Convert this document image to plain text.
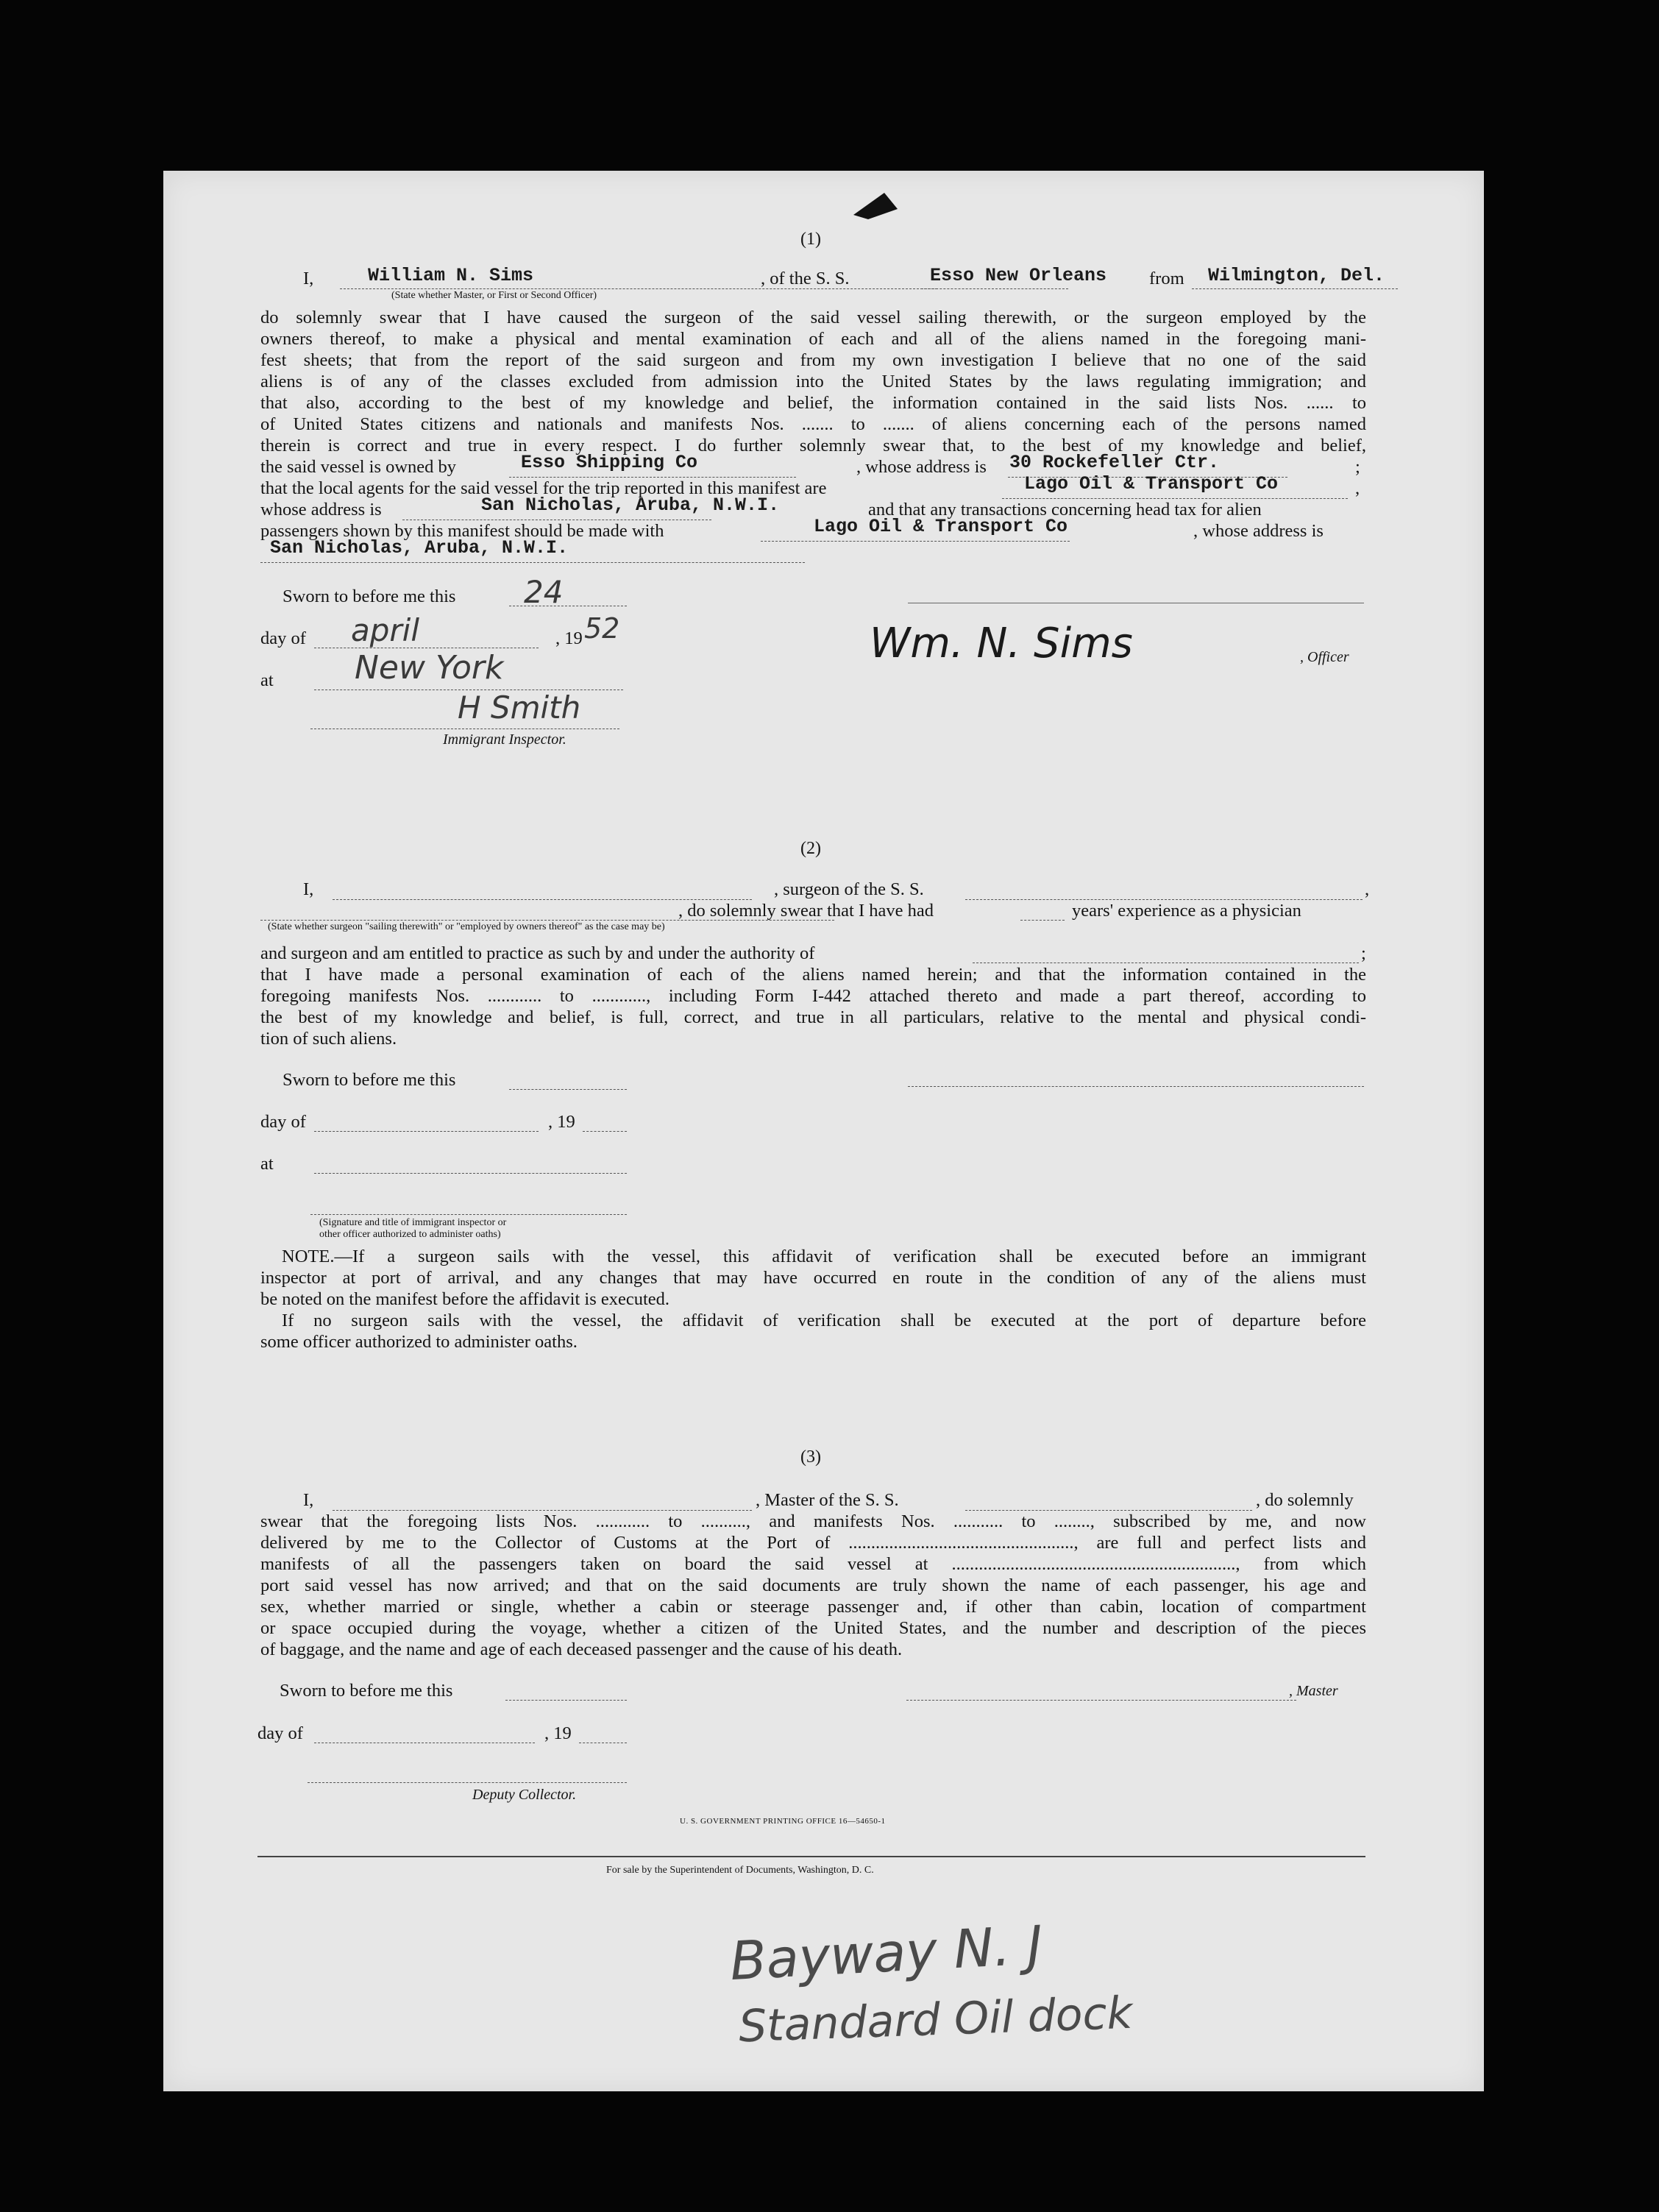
(1)
I,	William N. Sims	, of the S. S.	Esso New Orleans from Wilmington, Del.
(State whether Master, or First or Second Officer)
do solemnly swear that I have caused the surgeon of the said vessel sailing therewith, or the surgeon employed by the
owners thereof, to make a physical and mental examination of each and all of the aliens named in the foregoing mani-
fest sheets; that from the report of the said surgeon and from my own investigation I believe that no one of the said
aliens is of any of the classes excluded from admission into the United States by the laws regulating immigration; and
that also, according to the best of my knowledge and belief, the information contained in the said lists Nos. ...... to
of United States citizens and nationals and manifests Nos. ....... to ....... of aliens concerning each of the persons named
therein is correct and true in every respect. I do further solemnly swear that, to the best of my knowledge and belief,
the said vessel is owned by	Esso Shipping Co	, whose address is 30 Rockefeller Ctr.	;
that the local agents for the said vessel for the trip reported in this manifest are	Lago Oil & Transport Co	,
whose address is	San Nicholas, Aruba, N.W.I.	and that any transactions concerning head tax for alien
passengers shown by this manifest should be made with	Lago Oil & Transport Co	, whose address is
San Nicholas, Aruba, N.W.I.
Sworn to before me this 24
day of april	, 19 52
at	New York
H Smith
Immigrant Inspector.
Wm. N. Sims	, Officer
(2)
I,	, surgeon of the S. S.	,
, do solemnly swear that I have had	years' experience as a physician
(State whether surgeon "sailing therewith" or "employed by owners thereof" as the case may be)
and surgeon and am entitled to practice as such by and under the authority of	;
that I have made a personal examination of each of the aliens named herein; and that the information contained in the
foregoing manifests Nos. ............ to ............, including Form I-442 attached thereto and made a part thereof, according to
the best of my knowledge and belief, is full, correct, and true in all particulars, relative to the mental and physical condi-
tion of such aliens.
Sworn to before me this
day of	, 19
at
(Signature and title of immigrant inspector or
other officer authorized to administer oaths)
NOTE.—If a surgeon sails with the vessel, this affidavit of verification shall be executed before an immigrant
inspector at port of arrival, and any changes that may have occurred en route in the condition of any of the aliens must
be noted on the manifest before the affidavit is executed.
If no surgeon sails with the vessel, the affidavit of verification shall be executed at the port of departure before
some officer authorized to administer oaths.
(3)
I,	, Master of the S. S.	, do solemnly
swear that the foregoing lists Nos. ............ to .........., and manifests Nos. ........... to ........, subscribed by me, and now
delivered by me to the Collector of Customs at the Port of .................................................., are full and perfect lists and
manifests of all the passengers taken on board the said vessel at ..............................................................., from which
port said vessel has now arrived; and that on the said documents are truly shown the name of each passenger, his age and
sex, whether married or single, whether a cabin or steerage passenger and, if other than cabin, location of compartment
or space occupied during the voyage, whether a citizen of the United States, and the number and description of the pieces
of baggage, and the name and age of each deceased passenger and the cause of his death.
Sworn to before me this	, Master
day of	, 19
Deputy Collector.
U. S. GOVERNMENT PRINTING OFFICE 16—54650-1
For sale by the Superintendent of Documents, Washington, D. C.
Bayway N. J
Standard Oil dock
